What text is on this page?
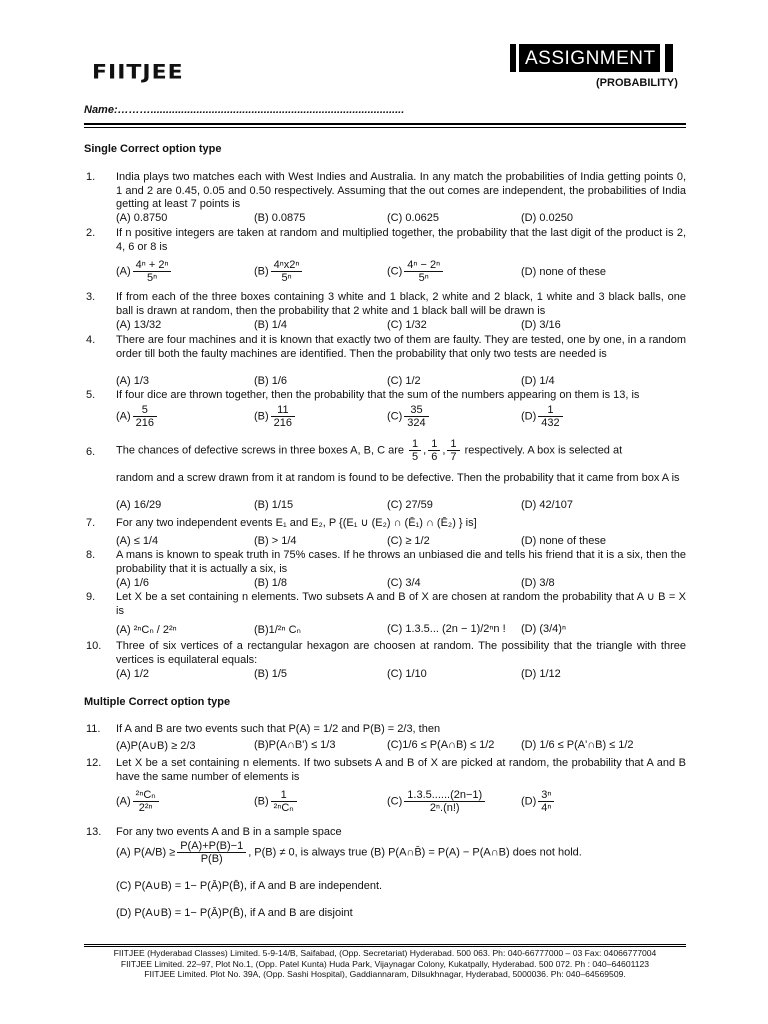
FIITJEE
ASSIGNMENT
(PROBABILITY)
Name:………...................................................................................
Single Correct option type
1. India plays two matches each with West Indies and Australia. In any match the probabilities of India getting points 0, 1 and 2 are 0.45, 0.05 and 0.50 respectively. Assuming that the out comes are independent, the probabilities of India getting at least 7 points is
(A) 0.8750	(B) 0.0875	(C) 0.0625	(D) 0.0250
2. If n positive integers are taken at random and multiplied together, the probability that the last digit of the product is 2, 4, 6 or 8 is
$(A) \frac{\text{4ⁿ + 2ⁿ}}{\text{5ⁿ}}$	$(B) \frac{\text{4ⁿx2ⁿ}}{\text{5ⁿ}}$	$(C) \frac{\text{4ⁿ − 2ⁿ}}{\text{5ⁿ}}$	(D) none of these
3. If from each of the three boxes containing 3 white and 1 black, 2 white and 2 black, 1 white and 3 black balls, one ball is drawn at random, then the probability that 2 white and 1 black ball will be drawn is
(A) 13/32	(B) 1/4	(C) 1/32	(D) 3/16
4. There are four machines and it is known that exactly two of them are faulty. They are tested, one by one, in a random order till both the faulty machines are identified. Then the probability that only two tests are needed is
(A) 1/3	(B) 1/6	(C) 1/2	(D) 1/4
5. If four dice are thrown together, then the probability that the sum of the numbers appearing on them is 13, is
$(A) \frac{5}{216}$	$(B) \frac{11}{216}$	$(C) \frac{35}{324}$	$(D) \frac{1}{432}$
6. The chances of defective screws in three boxes A, B, C are $\frac{1}{5}$ , $\frac{1}{6}$ , $\frac{1}{7}$ respectively. A box is selected at
random and a screw drawn from it at random is found to be defective. Then the probability that it came from box A is
(A) 16/29	(B) 1/15	(C) 27/59	(D) 42/107
7. For any two independent events E₁ and E₂, P {(E₁ ∪ (E₂) ∩ (Ē₁) ∩ (Ē₂) } is]
(A) ≤ 1/4	(B) > 1/4	(C) ≥ 1/2	(D) none of these
8. A mans is known to speak truth in 75% cases. If he throws an unbiased die and tells his friend that it is a six, then the probability that it is actually a six, is
(A) 1/6	(B) 1/8	(C) 3/4	(D) 3/8
9. Let X be a set containing n elements. Two subsets A and B of X are chosen at random the probability that A ∪ B = X is
(A) ²ⁿCₙ / 2²ⁿ	(B)1/²ⁿ Cₙ	(C) 1.3.5... (2n − 1)/2ⁿn ! (D) (3/4)ⁿ
10. Three of six vertices of a rectangular hexagon are choosen at random. The possibility that the triangle with three vertices is equilateral equals:
(A) 1/2	(B) 1/5	(C) 1/10	(D) 1/12
Multiple Correct option type
11. If A and B are two events such that P(A) = 1/2 and P(B) = 2/3, then
(A)P(A∪B) ≥ 2/3	(B)P(A∩B') ≤ 1/3	(C)1/6 ≤ P(A∩B) ≤ 1/2 (D) 1/6 ≤ P(A'∩B) ≤ 1/2
12. Let X be a set containing n elements. If two subsets A and B of X are picked at random, the probability that A and B have the same number of elements is
$(A) \frac{\text{²ⁿCₙ}}{\text{2²ⁿ}}$	$(B) \frac{1}{\text{²ⁿCₙ}}$	$(C) \frac{1.3.5......(2n-1)}{\text{2ⁿ.(n!)}}$	$(D) \frac{\text{3ⁿ}}{\text{4ⁿ}}$
13. For any two events A and B in a sample space
(A) $P(A/B) \ge \frac{P(A)+P(B)-1}{P(B)}$ , P(B) ≠ 0, is always true (B) P(A∩B̄) = P(A) − P(A∩B) does not hold.
(C) P(A∪B) = 1− P(Ā)P(B̄), if A and B are independent.
(D) P(A∪B) = 1− P(Ā)P(B̄), if A and B are disjoint
FIITJEE (Hyderabad Classes) Limited. 5-9-14/B, Saifabad, (Opp. Secretariat) Hyderabad. 500 063. Ph: 040-66777000 – 03 Fax: 04066777004
FIITJEE Limited. 22–97, Plot No.1, (Opp. Patel Kunta) Huda Park, Vijaynagar Colony, Kukatpally, Hyderabad. 500 072. Ph : 040–64601123
FIITJEE Limited. Plot No. 39A, (Opp. Sashi Hospital), Gaddiannaram, Dilsukhnagar, Hyderabad, 5000036. Ph: 040–64569509.
